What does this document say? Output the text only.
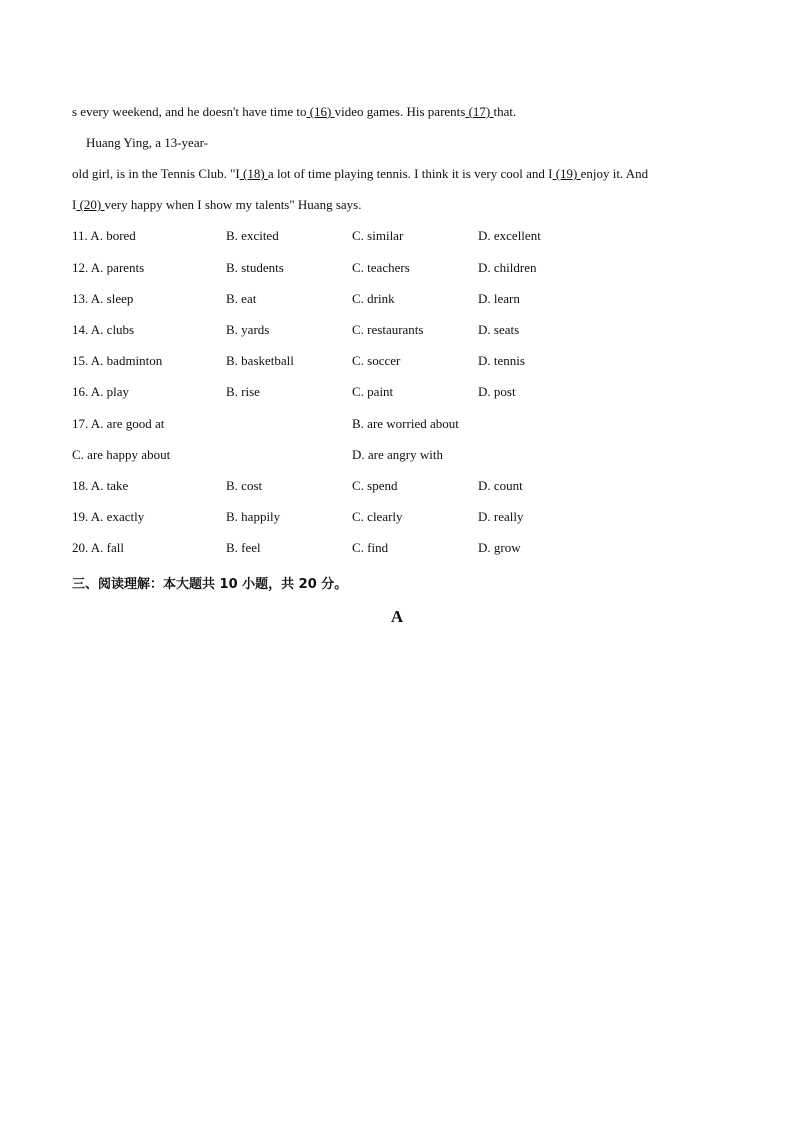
s every weekend, and he doesn't have time to (16) video games. His parents (17) that.
Huang Ying, a 13-year-
old girl, is in the Tennis Club. "I (18) a lot of time playing tennis. I think it is very cool and I (19) enjoy it. And
I (20) very happy when I show my talents" Huang says.
11. A. bored	B. excited	C. similar	D. excellent
12. A. parents	B. students	C. teachers	D. children
13. A. sleep	B. eat	C. drink	D. learn
14. A. clubs	B. yards	C. restaurants	D. seats
15. A. badminton	B. basketball	C. soccer	D. tennis
16. A. play	B. rise	C. paint	D. post
17. A. are good at	B. are worried about
C. are happy about	D. are angry with
18. A. take	B. cost	C. spend	D. count
19. A. exactly	B. happily	C. clearly	D. really
20. A. fall	B. feel	C. find	D. grow
三、阅读理解：本大题共 10 小题，共 20 分。
A
